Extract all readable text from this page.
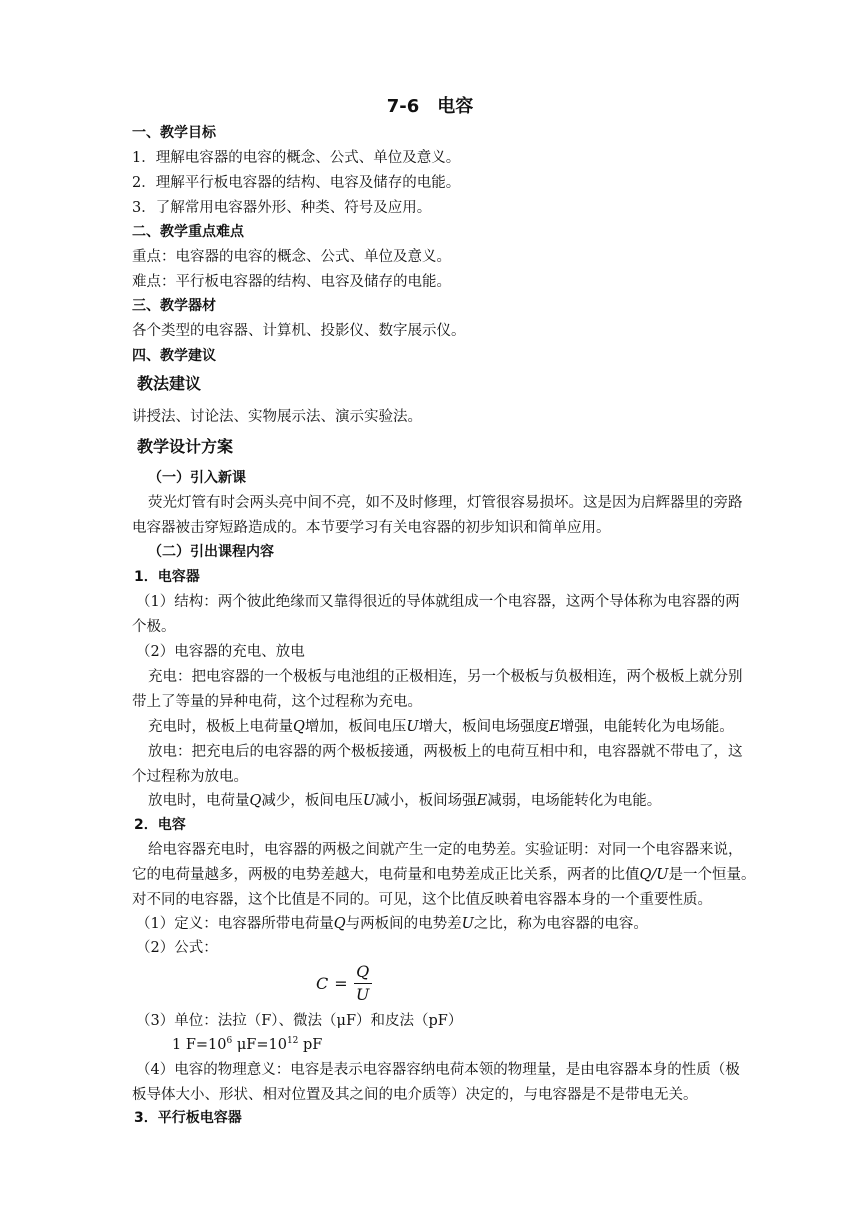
7-6　电容
一、教学目标
1．理解电容器的电容的概念、公式、单位及意义。
2．理解平行板电容器的结构、电容及储存的电能。
3．了解常用电容器外形、种类、符号及应用。
二、教学重点难点
重点：电容器的电容的概念、公式、单位及意义。
难点：平行板电容器的结构、电容及储存的电能。
三、教学器材
各个类型的电容器、计算机、投影仪、数字展示仪。
四、教学建议
教法建议
讲授法、讨论法、实物展示法、演示实验法。
教学设计方案
（一）引入新课
荧光灯管有时会两头亮中间不亮，如不及时修理，灯管很容易损坏。这是因为启辉器里的旁路
电容器被击穿短路造成的。本节要学习有关电容器的初步知识和简单应用。
（二）引出课程内容
1．电容器
（1）结构：两个彼此绝缘而又靠得很近的导体就组成一个电容器，这两个导体称为电容器的两
个极。
（2）电容器的充电、放电
充电：把电容器的一个极板与电池组的正极相连，另一个极板与负极相连，两个极板上就分别
带上了等量的异种电荷，这个过程称为充电。
充电时，极板上电荷量Q增加，板间电压U增大，板间电场强度E增强，电能转化为电场能。
放电：把充电后的电容器的两个极板接通，两极板上的电荷互相中和，电容器就不带电了，这
个过程称为放电。
放电时，电荷量Q减少，板间电压U减小，板间场强E减弱，电场能转化为电能。
2．电容
给电容器充电时，电容器的两极之间就产生一定的电势差。实验证明：对同一个电容器来说，
它的电荷量越多，两极的电势差越大，电荷量和电势差成正比关系，两者的比值Q/U是一个恒量。
对不同的电容器，这个比值是不同的。可见，这个比值反映着电容器本身的一个重要性质。
（1）定义：电容器所带电荷量Q与两板间的电势差U之比，称为电容器的电容。
（2）公式：
$C = \frac{Q}{U}$
（3）单位：法拉（F）、微法（μF）和皮法（pF）
1 $F=10^6$ $\mu F=10^{12}$ pF
（4）电容的物理意义：电容是表示电容器容纳电荷本领的物理量，是由电容器本身的性质（极
板导体大小、形状、相对位置及其之间的电介质等）决定的，与电容器是不是带电无关。
3．平行板电容器
